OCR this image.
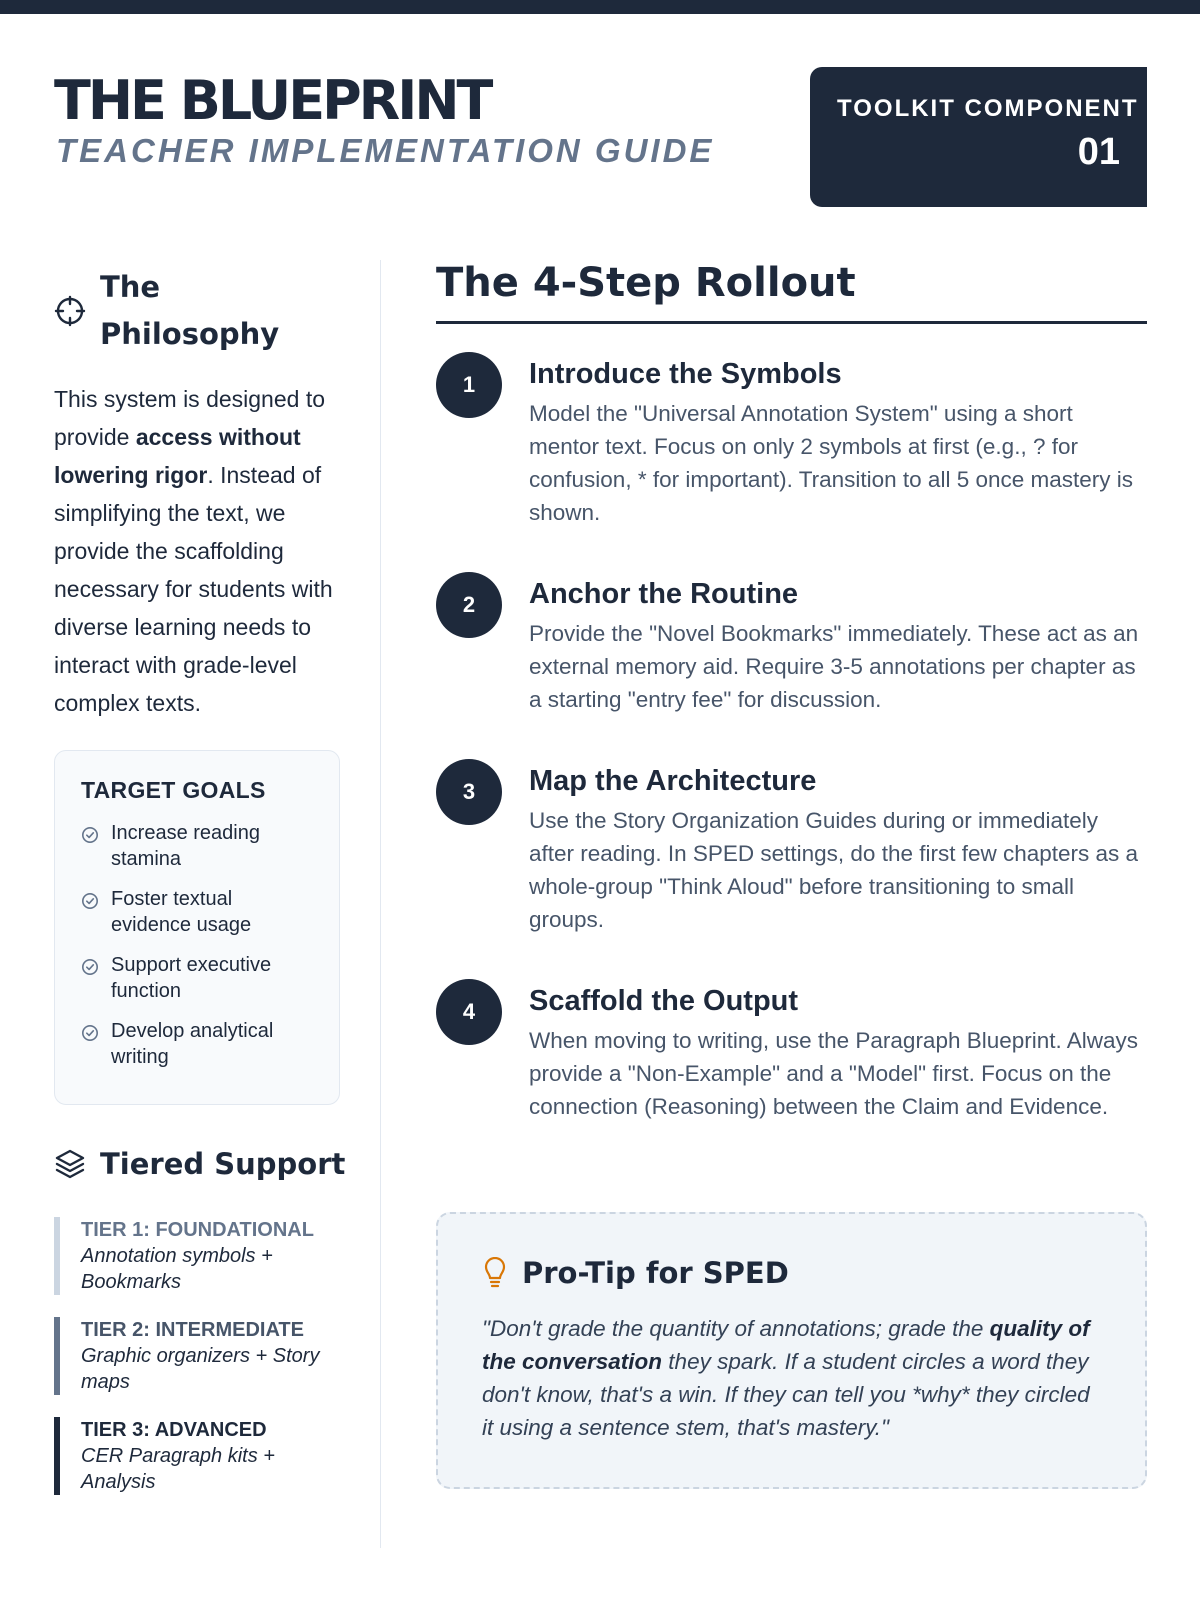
THE BLUEPRINT
TEACHER IMPLEMENTATION GUIDE
TOOLKIT COMPONENT
01
The
Philosophy

This system is designed to provide access without lowering rigor. Instead of simplifying the text, we provide the scaffolding necessary for students with diverse learning needs to interact with grade-level complex texts.

TARGET GOALS
Increase reading stamina
Foster textual evidence usage
Support executive function
Develop analytical writing
Tiered Support
TIER 1: FOUNDATIONAL
Annotation symbols + Bookmarks
TIER 2: INTERMEDIATE
Graphic organizers + Story maps
TIER 3: ADVANCED
CER Paragraph kits + Analysis
The 4-Step Rollout
1	Introduce the Symbols
Model the "Universal Annotation System" using a short mentor text. Focus on only 2 symbols at first (e.g., ? for confusion, * for important). Transition to all 5 once mastery is shown.
2	Anchor the Routine
Provide the "Novel Bookmarks" immediately. These act as an external memory aid. Require 3-5 annotations per chapter as a starting "entry fee" for discussion.
3	Map the Architecture
Use the Story Organization Guides during or immediately after reading. In SPED settings, do the first few chapters as a whole-group "Think Aloud" before transitioning to small groups.
4	Scaffold the Output
When moving to writing, use the Paragraph Blueprint. Always provide a "Non-Example" and a "Model" first. Focus on the connection (Reasoning) between the Claim and Evidence.
Pro-Tip for SPED

"Don't grade the quantity of annotations; grade the quality of the conversation they spark. If a student circles a word they don't know, that's a win. If they can tell you *why* they circled it using a sentence stem, that's mastery."
